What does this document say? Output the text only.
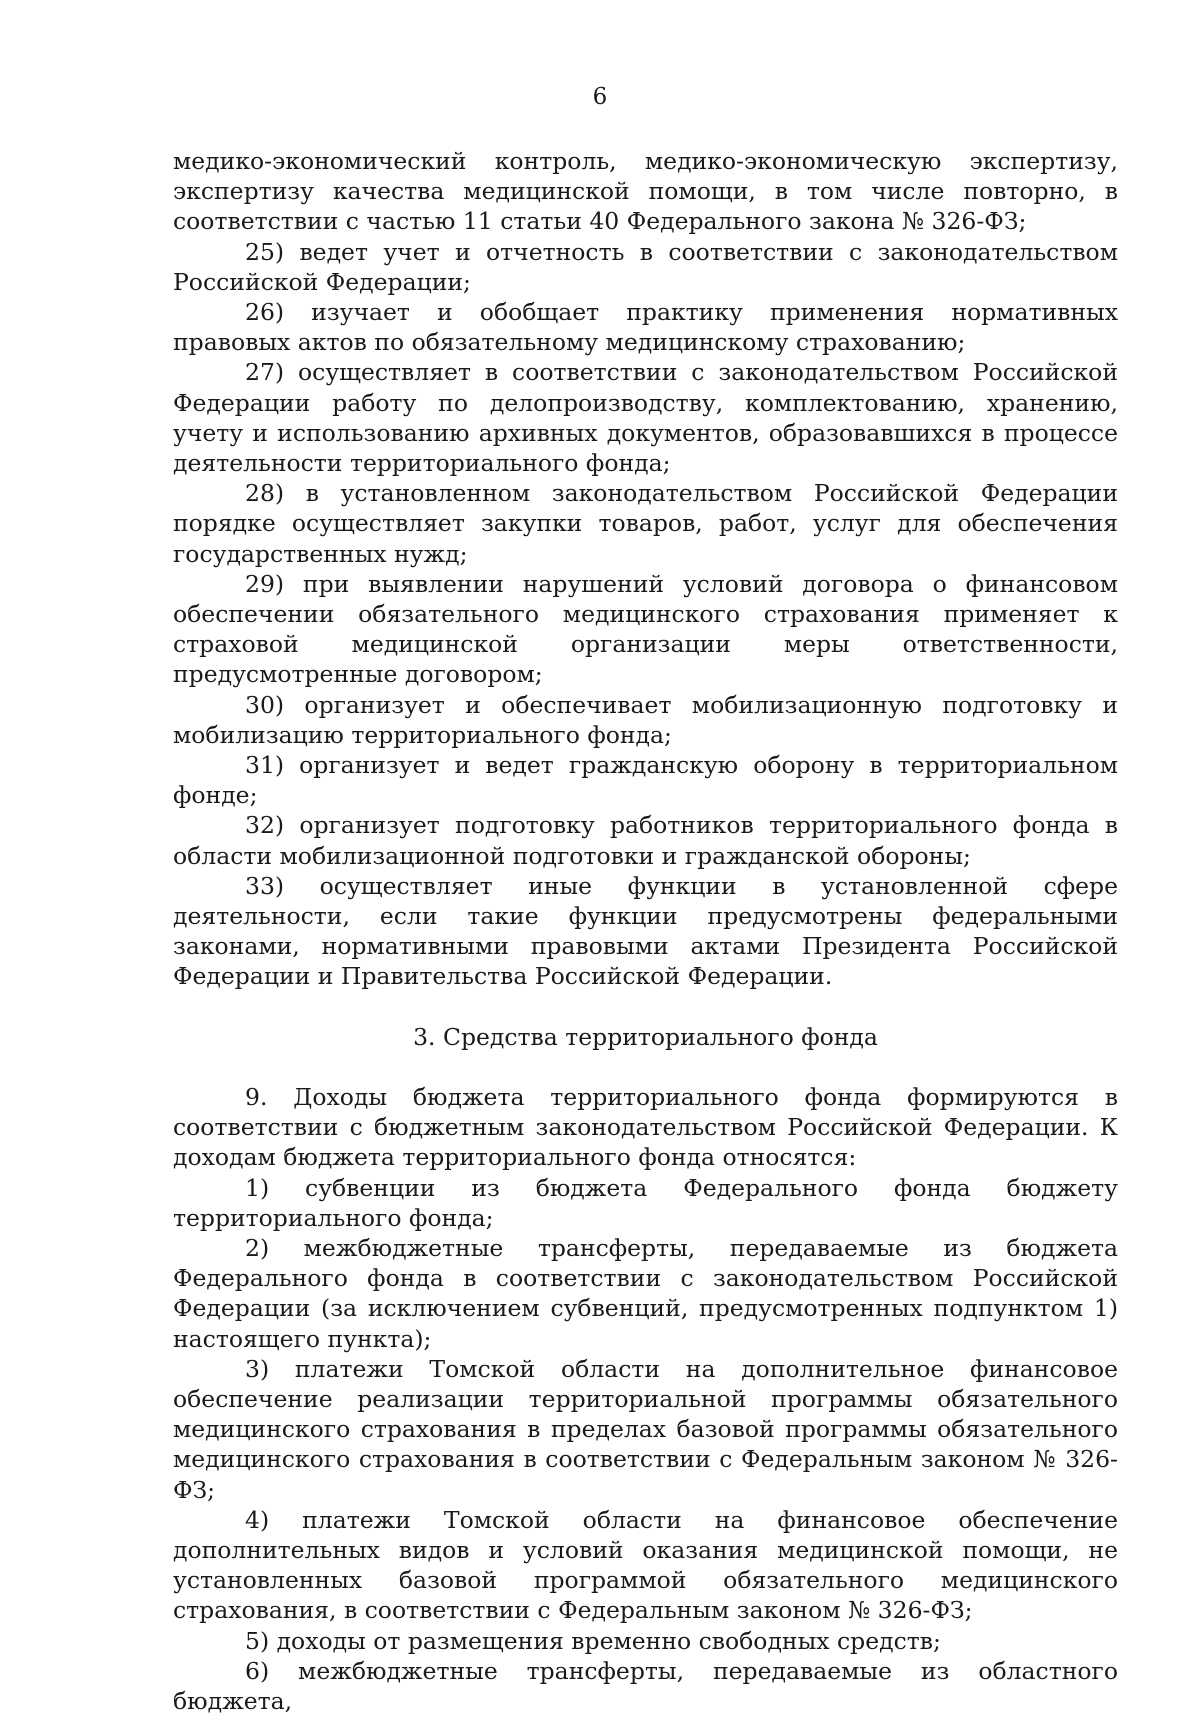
6

медико-экономический контроль, медико-экономическую экспертизу, экспертизу качества медицинской помощи, в том числе повторно, в соответствии с частью 11 статьи 40 Федерального закона № 326-ФЗ;

25) ведет учет и отчетность в соответствии с законодательством Российской Федерации;

26) изучает и обобщает практику применения нормативных правовых актов по обязательному медицинскому страхованию;

27) осуществляет в соответствии с законодательством Российской Федерации работу по делопроизводству, комплектованию, хранению, учету и использованию архивных документов, образовавшихся в процессе деятельности территориального фонда;

28) в установленном законодательством Российской Федерации порядке осуществляет закупки товаров, работ, услуг для обеспечения государственных нужд;

29) при выявлении нарушений условий договора о финансовом обеспечении обязательного медицинского страхования применяет к страховой медицинской организации меры ответственности, предусмотренные договором;

30) организует и обеспечивает мобилизационную подготовку и мобилизацию территориального фонда;

31) организует и ведет гражданскую оборону в территориальном фонде;

32) организует подготовку работников территориального фонда в области мобилизационной подготовки и гражданской обороны;

33) осуществляет иные функции в установленной сфере деятельности, если такие функции предусмотрены федеральными законами, нормативными правовыми актами Президента Российской Федерации и Правительства Российской Федерации.

3. Средства территориального фонда

9. Доходы бюджета территориального фонда формируются в соответствии с бюджетным законодательством Российской Федерации. К доходам бюджета территориального фонда относятся:

1) субвенции из бюджета Федерального фонда бюджету территориального фонда;

2) межбюджетные трансферты, передаваемые из бюджета Федерального фонда в соответствии с законодательством Российской Федерации (за исключением субвенций, предусмотренных подпунктом 1) настоящего пункта);

3) платежи Томской области на дополнительное финансовое обеспечение реализации территориальной программы обязательного медицинского страхования в пределах базовой программы обязательного медицинского страхования в соответствии с Федеральным законом № 326-ФЗ;

4) платежи Томской области на финансовое обеспечение дополнительных видов и условий оказания медицинской помощи, не установленных базовой программой обязательного медицинского страхования, в соответствии с Федеральным законом № 326-ФЗ;

5) доходы от размещения временно свободных средств;

6) межбюджетные трансферты, передаваемые из областного бюджета,
